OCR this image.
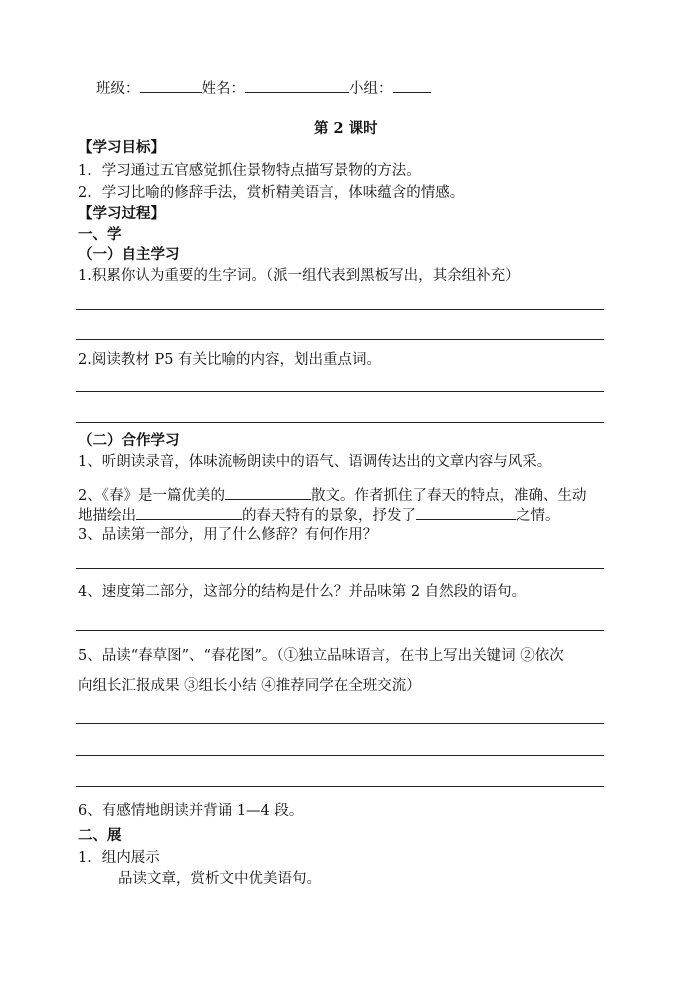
班级：	姓名：	小组：
第 2 课时
【学习目标】
1．学习通过五官感觉抓住景物特点描写景物的方法。
2．学习比喻的修辞手法，赏析精美语言，体味蕴含的情感。
【学习过程】
一、学
（一）自主学习
1.积累你认为重要的生字词。（派一组代表到黑板写出，其余组补充）
2.阅读教材 P5 有关比喻的内容，划出重点词。
（二）合作学习
1、听朗读录音，体味流畅朗读中的语气、语调传达出的文章内容与风采。
2、《春》是一篇优美的	散文。作者抓住了春天的特点，准确、生动
地描绘出	的春天特有的景象，抒发了	之情。
3、品读第一部分，用了什么修辞？有何作用？
4、速度第二部分，这部分的结构是什么？并品味第 2 自然段的语句。
5、品读“春草图”、“春花图”。（①独立品味语言，在书上写出关键词 ②依次
向组长汇报成果 ③组长小结 ④推荐同学在全班交流）
6、有感情地朗读并背诵 1—4 段。
二、展
1．组内展示
品读文章，赏析文中优美语句。
